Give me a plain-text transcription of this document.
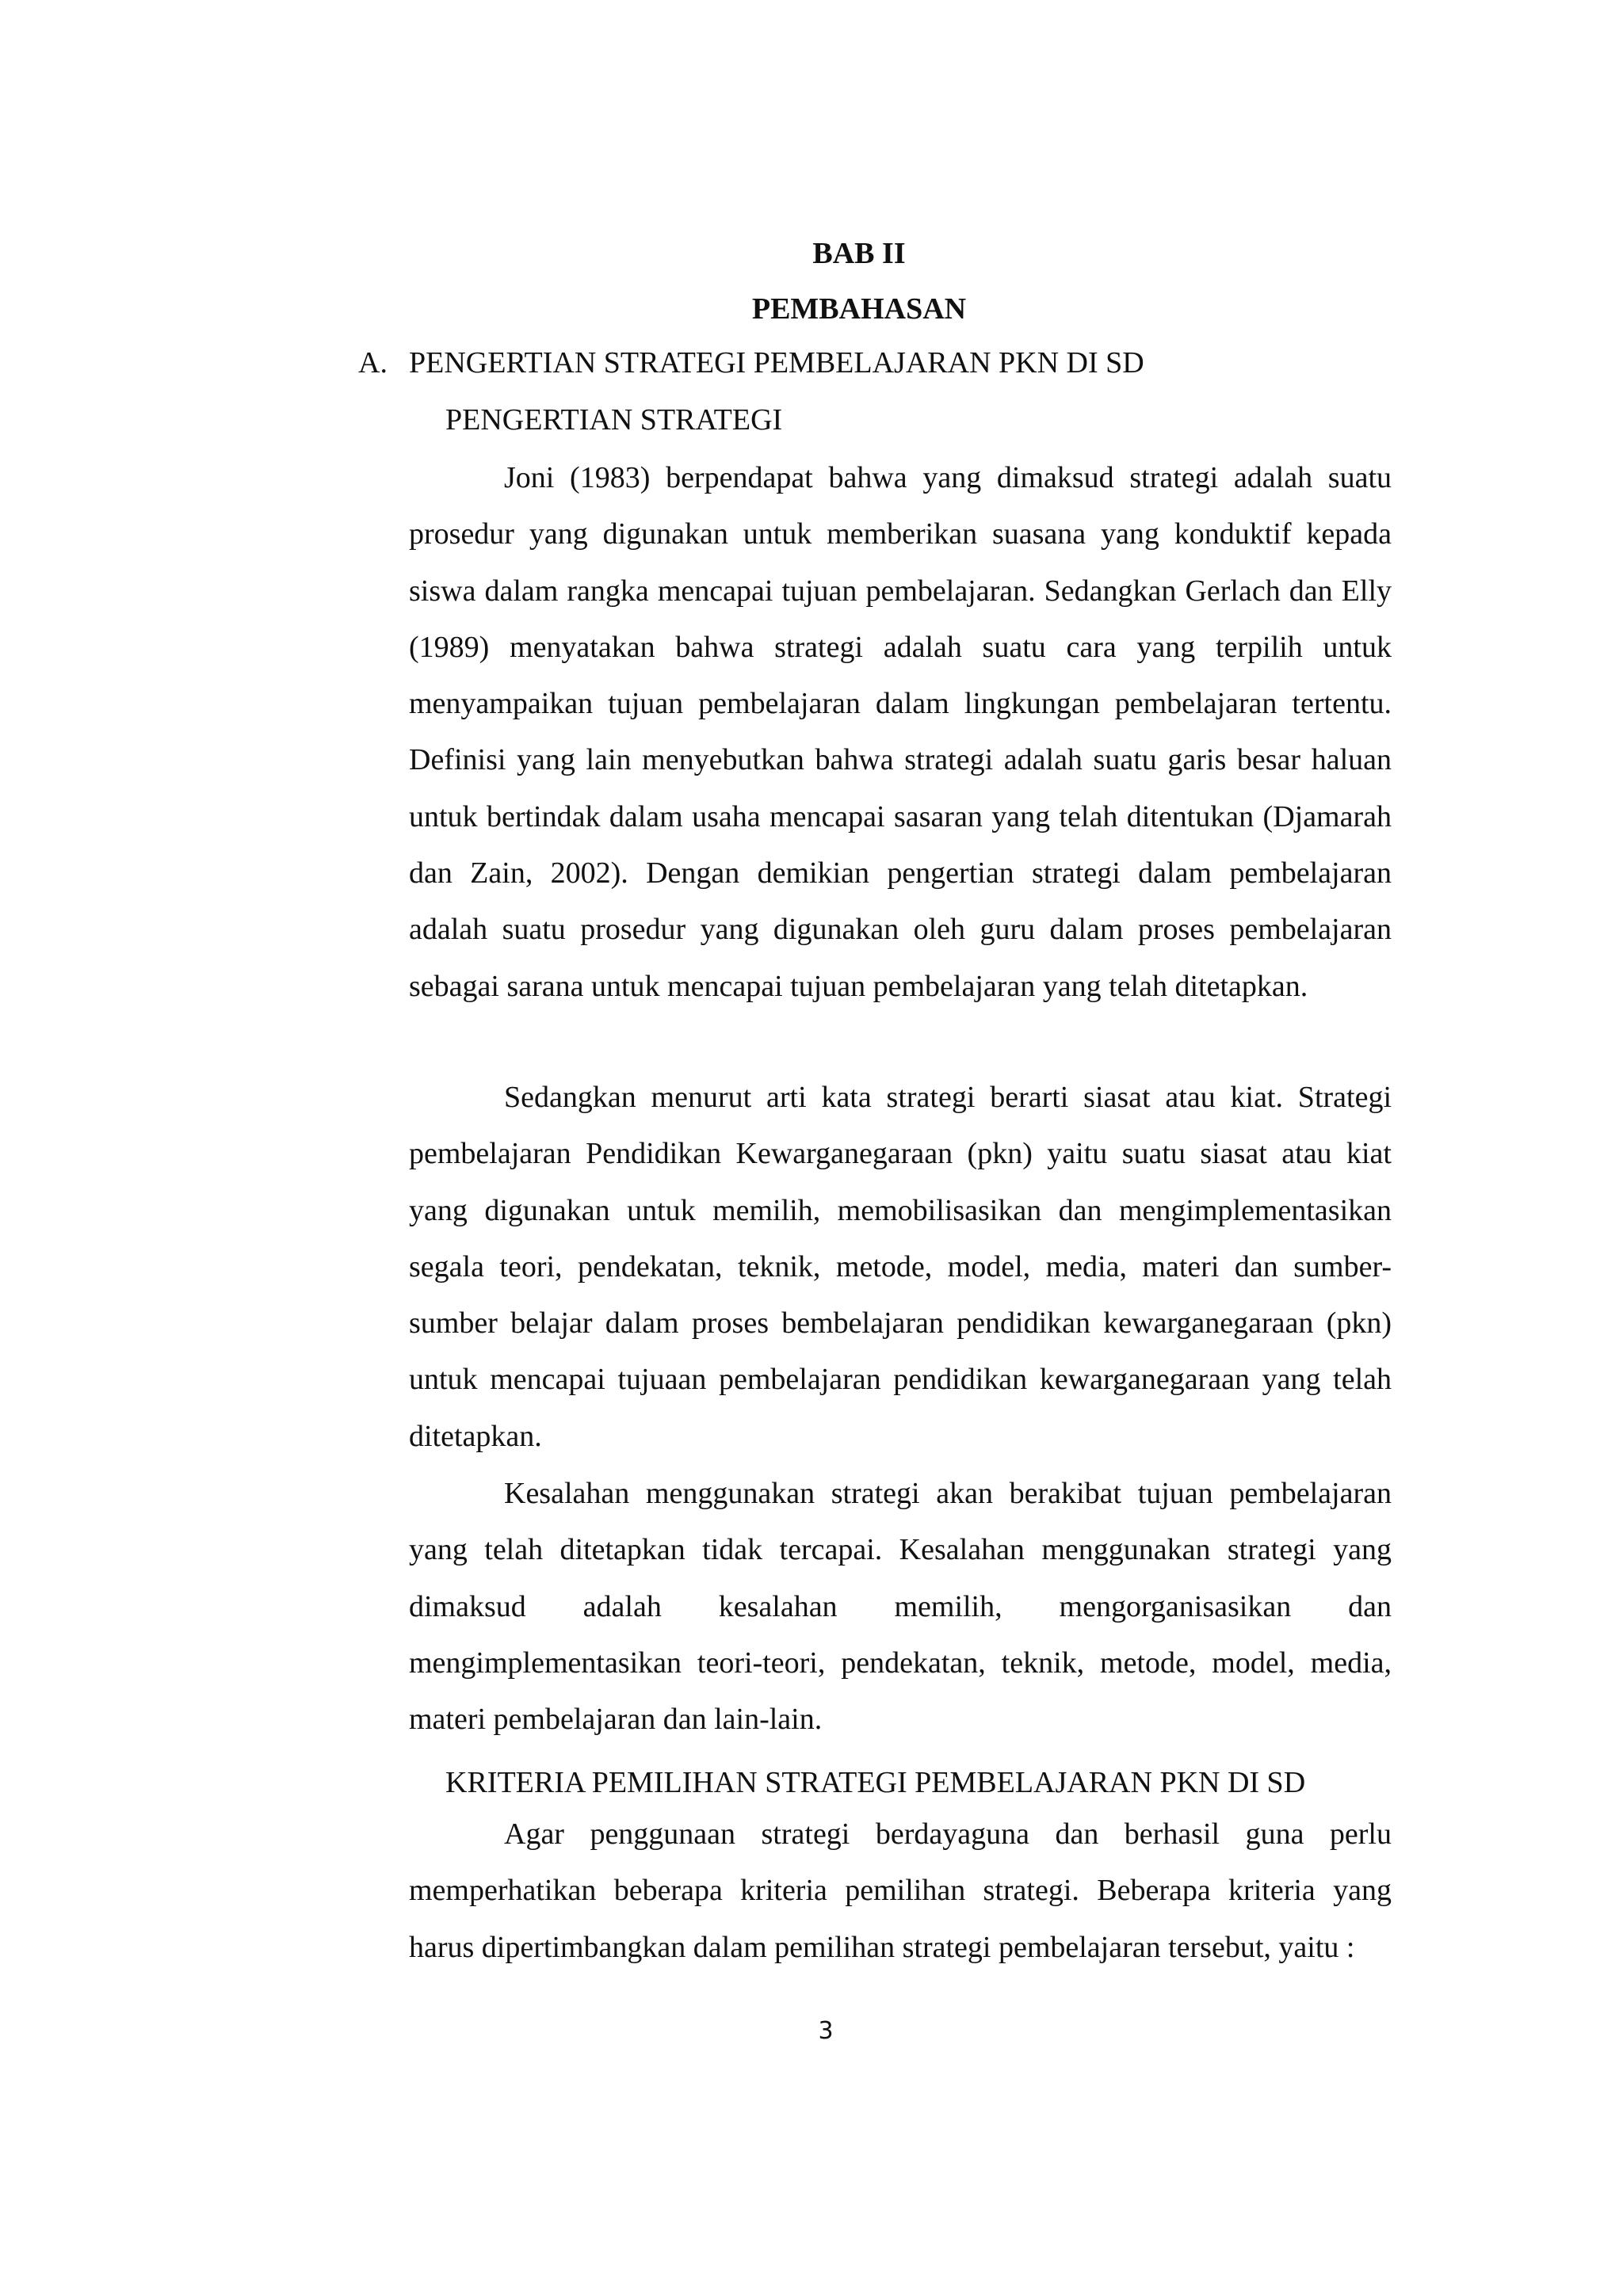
BAB II
PEMBAHASAN
A. PENGERTIAN STRATEGI PEMBELAJARAN PKN DI SD
PENGERTIAN STRATEGI

Joni (1983) berpendapat bahwa yang dimaksud strategi adalah suatu prosedur yang digunakan untuk memberikan suasana yang konduktif kepada siswa dalam rangka mencapai tujuan pembelajaran. Sedangkan Gerlach dan Elly (1989) menyatakan bahwa strategi adalah suatu cara yang terpilih untuk menyampaikan tujuan pembelajaran dalam lingkungan pembelajaran tertentu. Definisi yang lain menyebutkan bahwa strategi adalah suatu garis besar haluan untuk bertindak dalam usaha mencapai sasaran yang telah ditentukan (Djamarah dan Zain, 2002). Dengan demikian pengertian strategi dalam pembelajaran adalah suatu prosedur yang digunakan oleh guru dalam proses pembelajaran sebagai sarana untuk mencapai tujuan pembelajaran yang telah ditetapkan.

Sedangkan menurut arti kata strategi berarti siasat atau kiat. Strategi pembelajaran Pendidikan Kewarganegaraan (pkn) yaitu suatu siasat atau kiat yang digunakan untuk memilih, memobilisasikan dan mengimplementasikan segala teori, pendekatan, teknik, metode, model, media, materi dan sumber-sumber belajar dalam proses bembelajaran pendidikan kewarganegaraan (pkn) untuk mencapai tujuaan pembelajaran pendidikan kewarganegaraan yang telah ditetapkan.

Kesalahan menggunakan strategi akan berakibat tujuan pembelajaran yang telah ditetapkan tidak tercapai. Kesalahan menggunakan strategi yang dimaksud adalah kesalahan memilih, mengorganisasikan dan mengimplementasikan teori-teori, pendekatan, teknik, metode, model, media, materi pembelajaran dan lain-lain.

KRITERIA PEMILIHAN STRATEGI PEMBELAJARAN PKN DI SD

Agar penggunaan strategi berdayaguna dan berhasil guna perlu memperhatikan beberapa kriteria pemilihan strategi. Beberapa kriteria yang harus dipertimbangkan dalam pemilihan strategi pembelajaran tersebut, yaitu :

3
